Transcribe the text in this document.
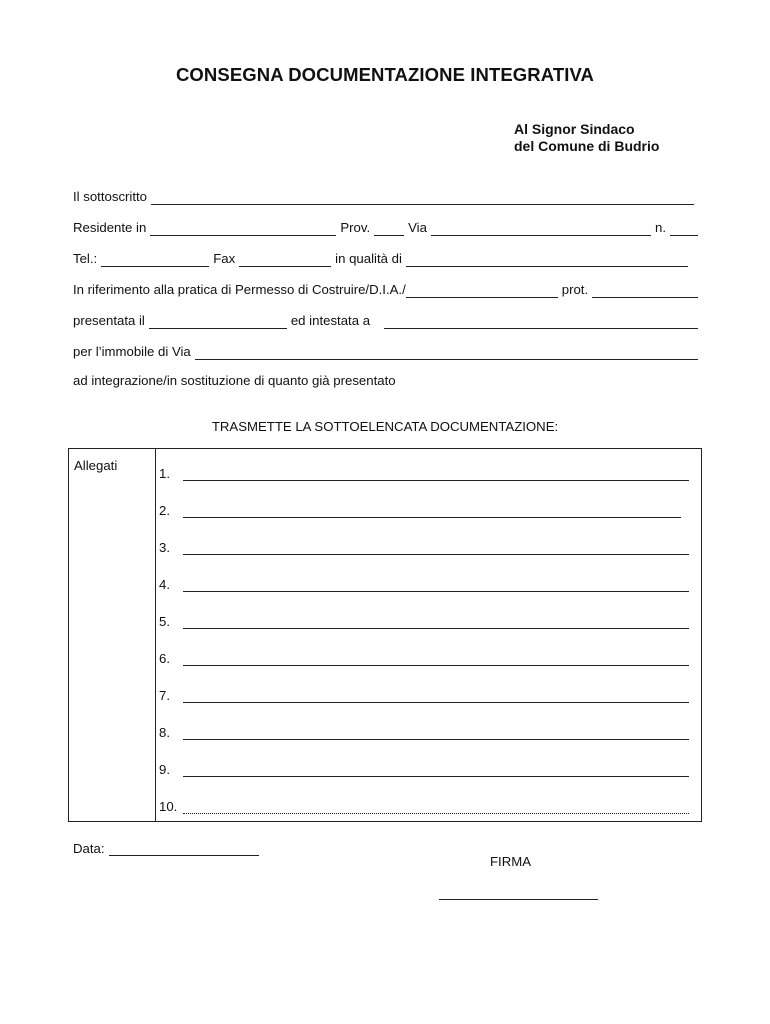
CONSEGNA DOCUMENTAZIONE INTEGRATIVA
Al Signor Sindaco
del Comune di Budrio
Il sottoscritto
Residente in	Prov.	Via	n.
Tel.:	Fax	in qualità di
In riferimento alla pratica di Permesso di Costruire/D.I.A./	prot.
presentata il	ed intestata a
per l’immobile di Via
ad integrazione/in sostituzione di quanto già presentato
TRASMETTE LA SOTTOELENCATA DOCUMENTAZIONE:
Allegati
1.
2.
3.
4.
5.
6.
7.
8.
9.
10.
Data:
FIRMA
